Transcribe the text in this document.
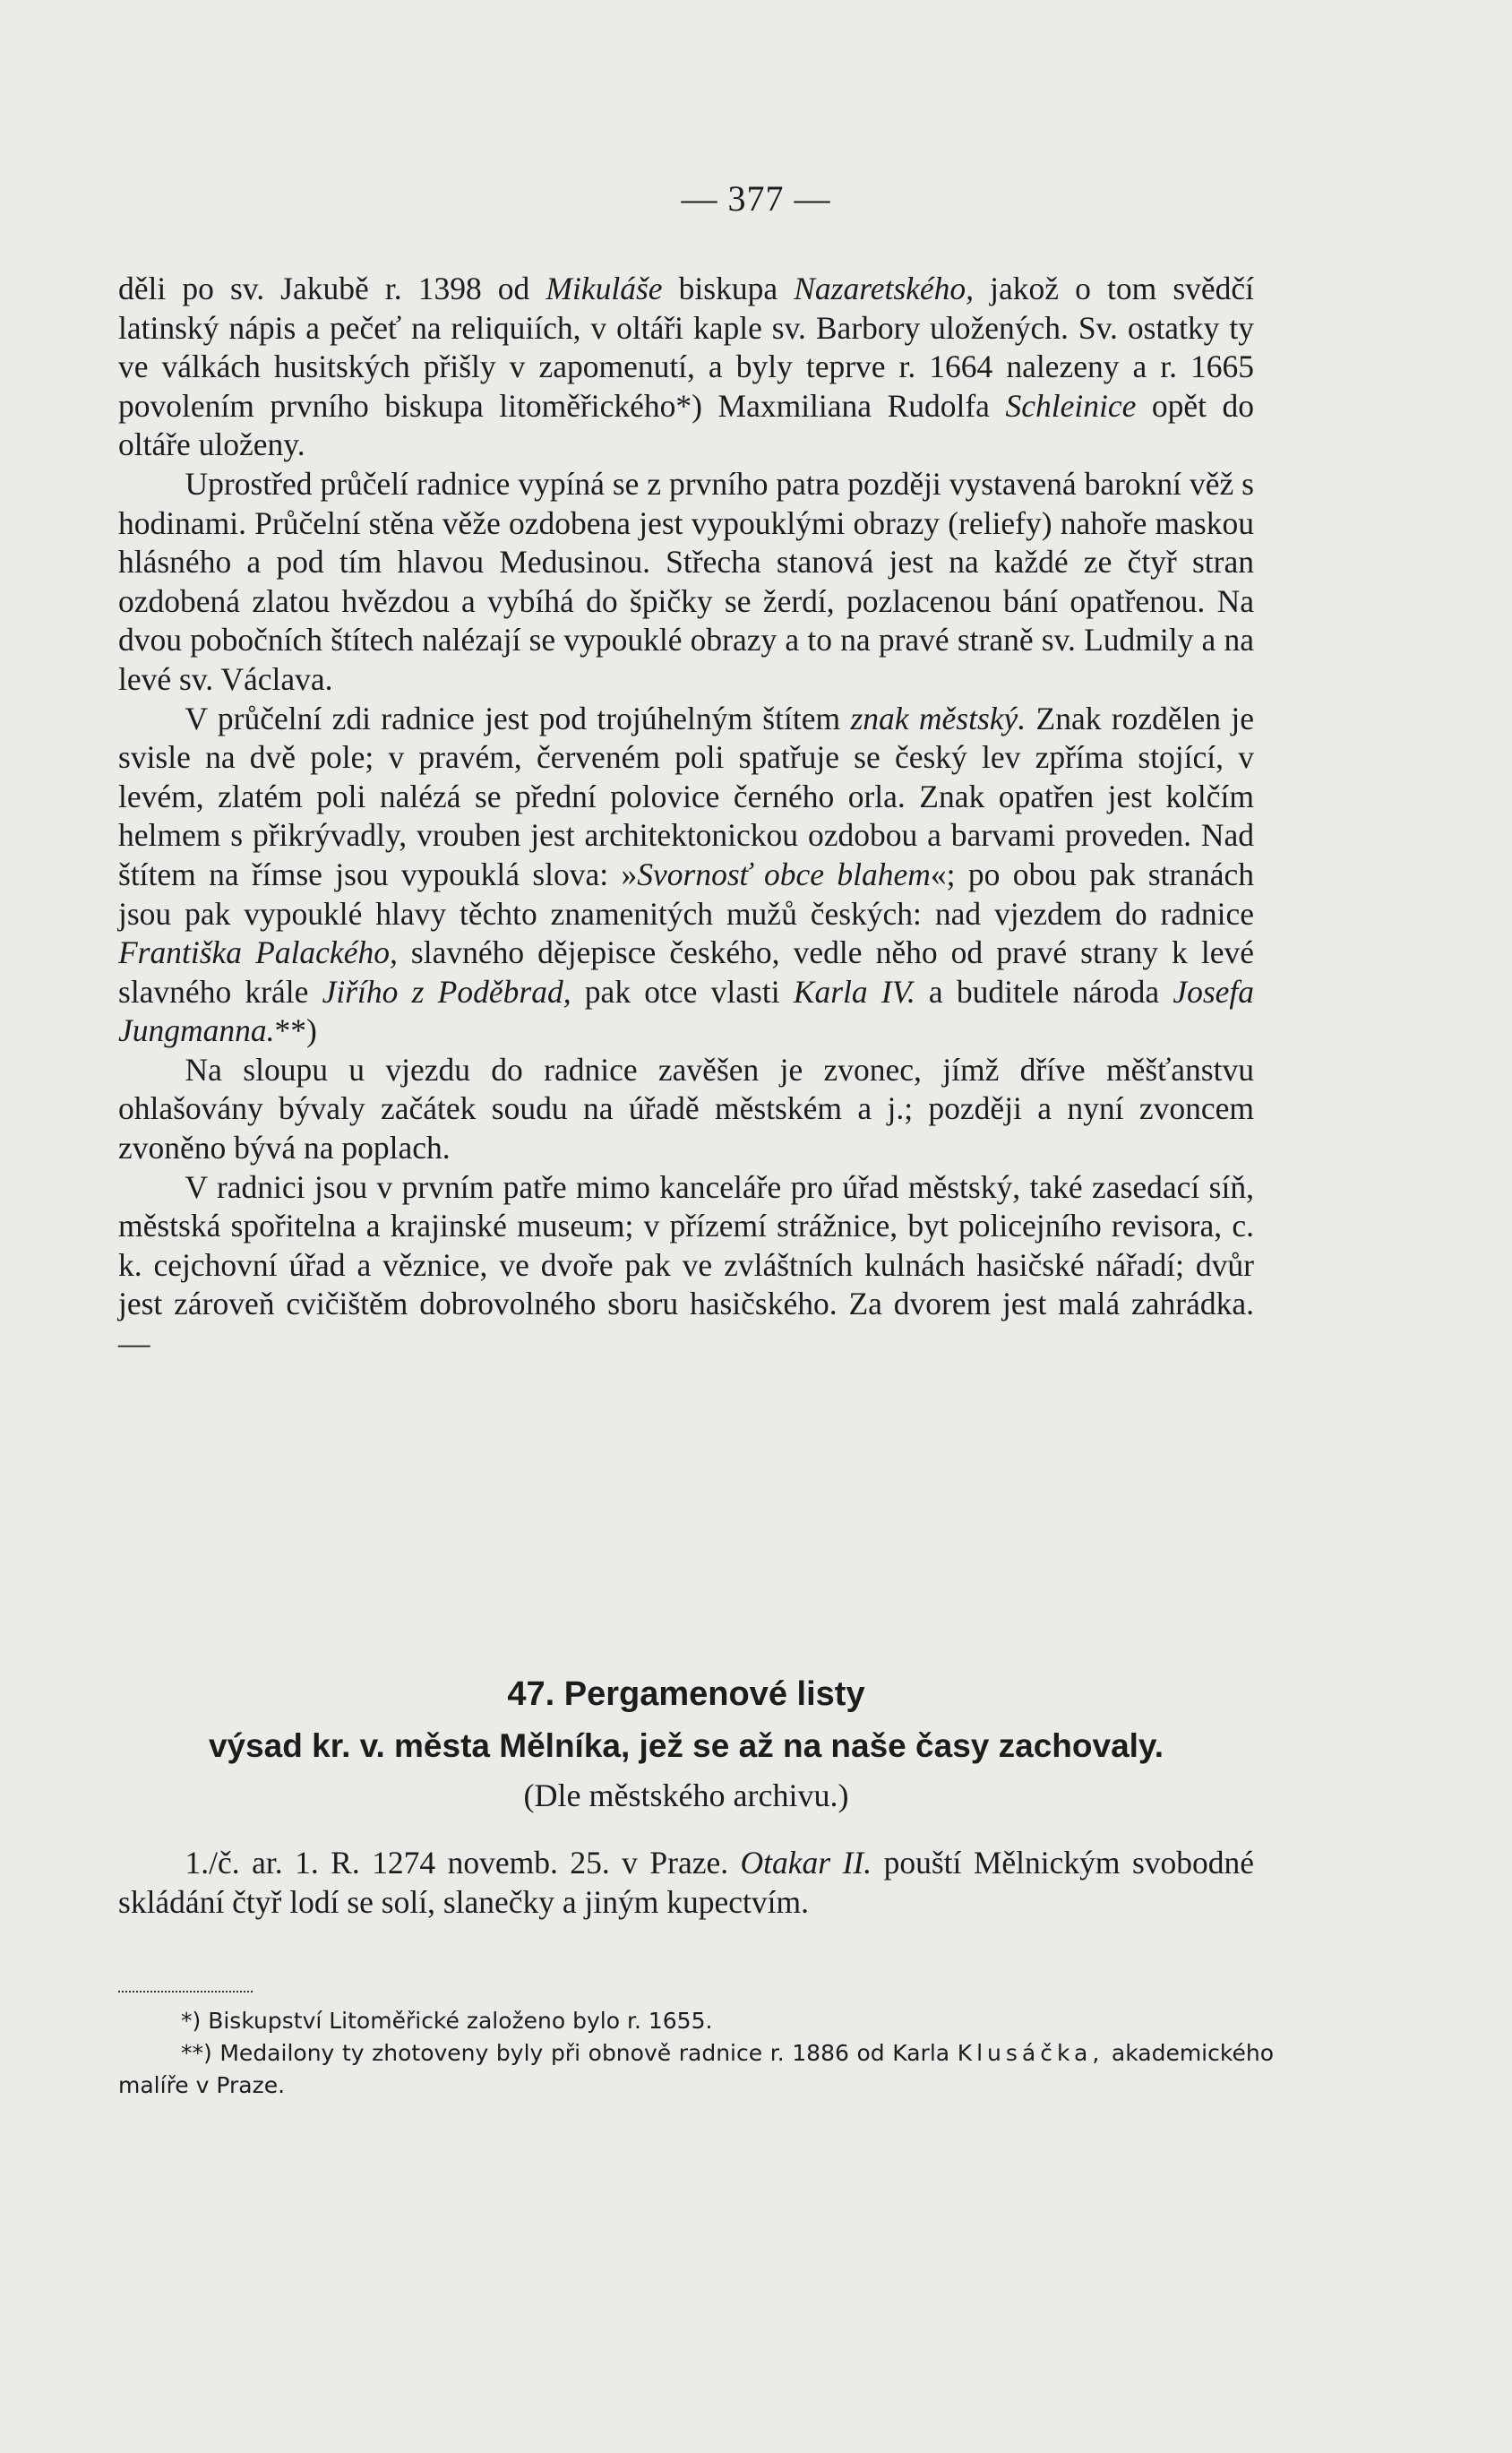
— 377 —

děli po sv. Jakubě r. 1398 od Mikuláše biskupa Nazaretského, jakož o tom svědčí latinský nápis a pečeť na reliquiích, v oltáři kaple sv. Barbory uložených. Sv. ostatky ty ve válkách husitských přišly v zapomenutí, a byly teprve r. 1664 nalezeny a r. 1665 povolením prvního biskupa litoměřického*) Maxmiliana Rudolfa Schleinice opět do oltáře uloženy.

Uprostřed průčelí radnice vypíná se z prvního patra později vystavená barokní věž s hodinami. Průčelní stěna věže ozdobena jest vypouklými obrazy (reliefy) nahoře maskou hlásného a pod tím hlavou Medusinou. Střecha stanová jest na každé ze čtyř stran ozdobená zlatou hvězdou a vybíhá do špičky se žerdí, pozlacenou bání opatřenou. Na dvou pobočních štítech nalézají se vypouklé obrazy a to na pravé straně sv. Ludmily a na levé sv. Václava.

V průčelní zdi radnice jest pod trojúhelným štítem znak městský. Znak rozdělen je svisle na dvě pole; v pravém, červeném poli spatřuje se český lev zpříma stojící, v levém, zlatém poli nalézá se přední polovice černého orla. Znak opatřen jest kolčím helmem s přikrývadly, vrouben jest architektonickou ozdobou a barvami proveden. Nad štítem na římse jsou vypouklá slova: »Svornosť obce blahem«; po obou pak stranách jsou pak vypouklé hlavy těchto znamenitých mužů českých: nad vjezdem do radnice Františka Palackého, slavného dějepisce českého, vedle něho od pravé strany k levé slavného krále Jiřího z Poděbrad, pak otce vlasti Karla IV. a buditele národa Josefa Jungmanna.**)

Na sloupu u vjezdu do radnice zavěšen je zvonec, jímž dříve měšťanstvu ohlašovány bývaly začátek soudu na úřadě městském a j.; později a nyní zvoncem zvoněno bývá na poplach.

V radnici jsou v prvním patře mimo kanceláře pro úřad městský, také zasedací síň, městská spořitelna a krajinské museum; v přízemí strážnice, byt policejního revisora, c. k. cejchovní úřad a věznice, ve dvoře pak ve zvláštních kulnách hasičské nářadí; dvůr jest zároveň cvičištěm dobrovolného sboru hasičského. Za dvorem jest malá zahrádka. —

47. Pergamenové listy
výsad kr. v. města Mělníka, jež se až na naše časy zachovaly.
(Dle městského archivu.)

1./č. ar. 1. R. 1274 novemb. 25. v Praze. Otakar II. pouští Mělnickým svobodné skládání čtyř lodí se solí, slanečky a jiným kupectvím.

*) Biskupství Litoměřické založeno bylo r. 1655.

**) Medailony ty zhotoveny byly při obnově radnice r. 1886 od Karla Klusáčka, akademického malíře v Praze.
